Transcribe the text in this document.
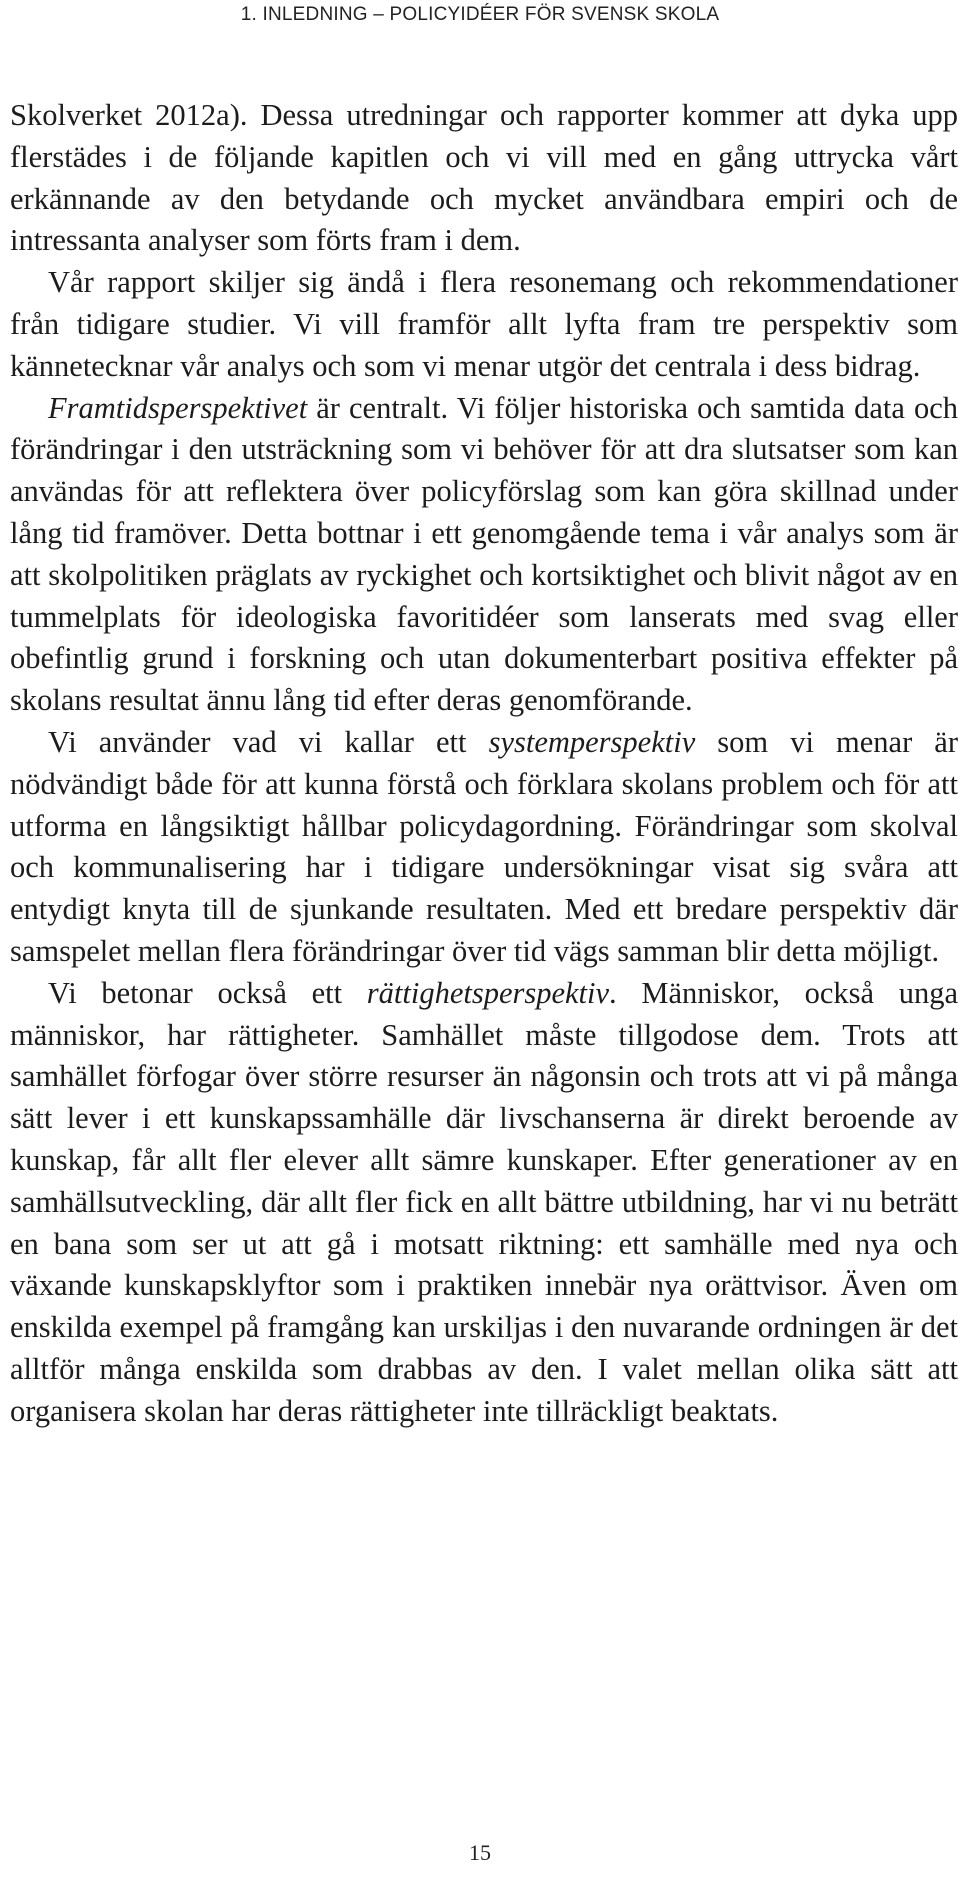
1. INLEDNING – POLICYIDÉER FÖR SVENSK SKOLA

Skolverket 2012a). Dessa utredningar och rapporter kommer att dyka upp flerstädes i de följande kapitlen och vi vill med en gång uttrycka vårt erkännande av den betydande och mycket användbara empiri och de intressanta analyser som förts fram i dem.

Vår rapport skiljer sig ändå i flera resonemang och rekommendationer från tidigare studier. Vi vill framför allt lyfta fram tre perspektiv som kännetecknar vår analys och som vi menar utgör det centrala i dess bidrag.

Framtidsperspektivet är centralt. Vi följer historiska och samtida data och förändringar i den utsträckning som vi behöver för att dra slutsatser som kan användas för att reflektera över policyförslag som kan göra skillnad under lång tid framöver. Detta bottnar i ett genomgående tema i vår analys som är att skolpolitiken präglats av ryckighet och kortsiktighet och blivit något av en tummelplats för ideologiska favoritidéer som lanserats med svag eller obefintlig grund i forskning och utan dokumenterbart positiva effekter på skolans resultat ännu lång tid efter deras genomförande.

Vi använder vad vi kallar ett systemperspektiv som vi menar är nödvändigt både för att kunna förstå och förklara skolans problem och för att utforma en långsiktigt hållbar policydagordning. Förändringar som skolval och kommunalisering har i tidigare undersökningar visat sig svåra att entydigt knyta till de sjunkande resultaten. Med ett bredare perspektiv där samspelet mellan flera förändringar över tid vägs samman blir detta möjligt.

Vi betonar också ett rättighetsperspektiv. Människor, också unga människor, har rättigheter. Samhället måste tillgodose dem. Trots att samhället förfogar över större resurser än någonsin och trots att vi på många sätt lever i ett kunskapssamhälle där livschanserna är direkt beroende av kunskap, får allt fler elever allt sämre kunskaper. Efter generationer av en samhällsutveckling, där allt fler fick en allt bättre utbildning, har vi nu beträtt en bana som ser ut att gå i motsatt riktning: ett samhälle med nya och växande kunskapsklyftor som i praktiken innebär nya orättvisor. Även om enskilda exempel på framgång kan urskiljas i den nuvarande ordningen är det alltför många enskilda som drabbas av den. I valet mellan olika sätt att organisera skolan har deras rättigheter inte tillräckligt beaktats.

15
